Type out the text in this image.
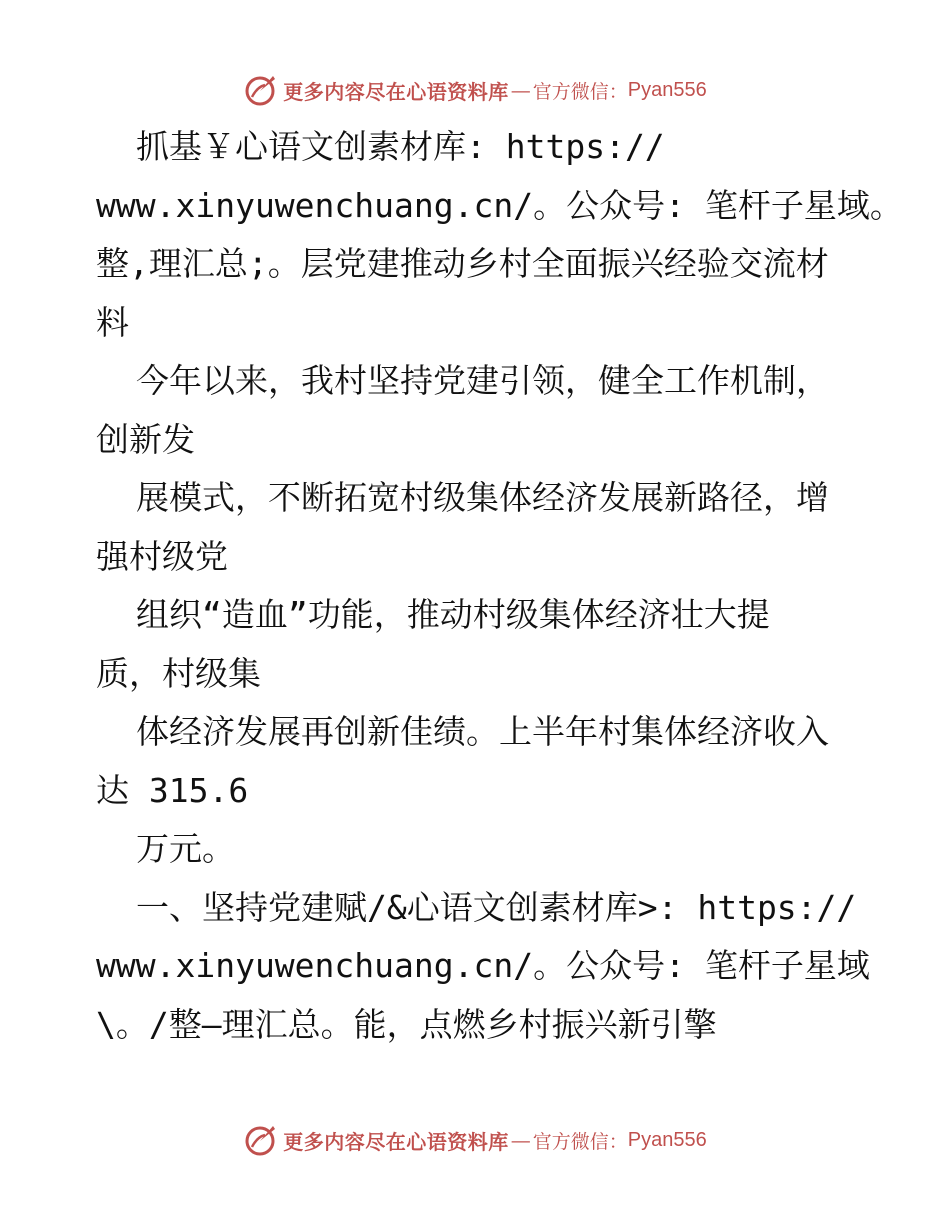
更多内容尽在心语资料库 — 官方微信： Pyan556
抓基￥心语文创素材库: https://
www.xinyuwenchuang.cn/。公众号: 笔杆子星域。
整,理汇总;。层党建推动乡村全面振兴经验交流材
料
今年以来，我村坚持党建引领，健全工作机制，
创新发
展模式，不断拓宽村级集体经济发展新路径，增
强村级党
组织“造血”功能，推动村级集体经济壮大提
质，村级集
体经济发展再创新佳绩。上半年村集体经济收入
达 315.6
万元。
一、坚持党建赋/&心语文创素材库>: https://
www.xinyuwenchuang.cn/。公众号: 笔杆子星域
\。/整—理汇总。能，点燃乡村振兴新引擎
更多内容尽在心语资料库 — 官方微信： Pyan556
